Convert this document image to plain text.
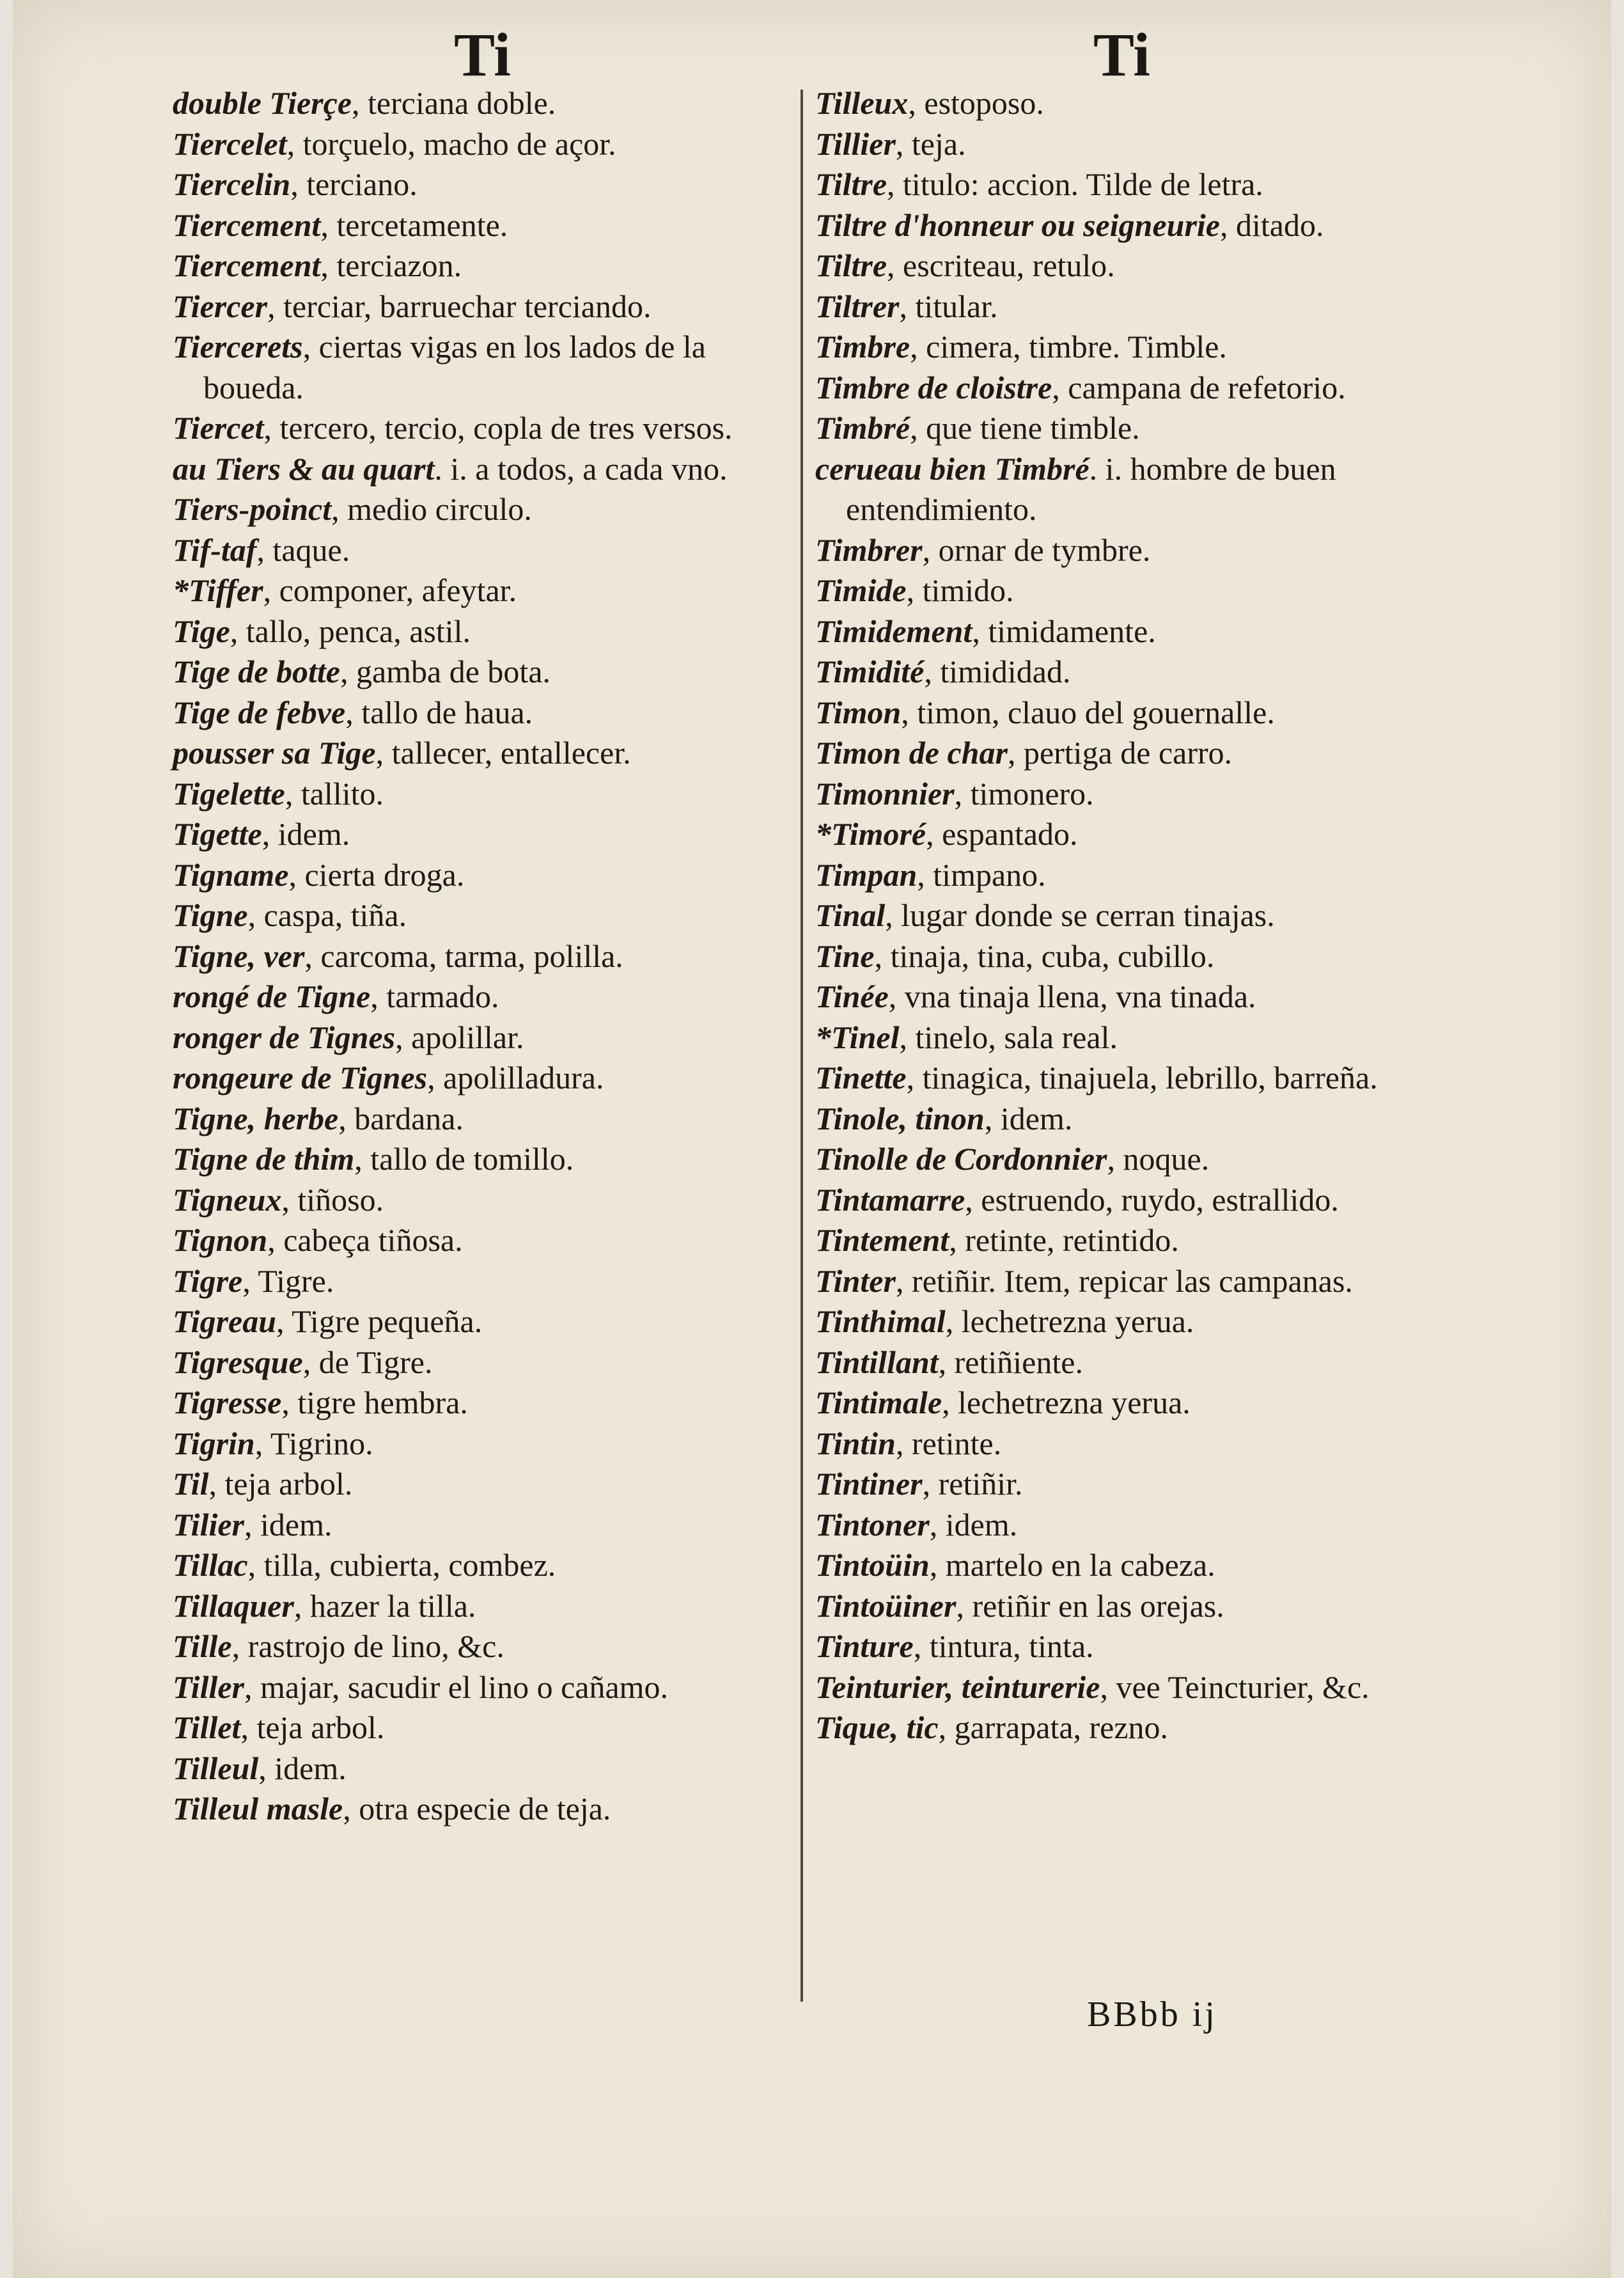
Ti	Ti
double Tierçe, terciana doble.
Tiercelet, torçuelo, macho de açor.
Tiercelin, terciano.
Tiercement, tercetamente.
Tiercement, terciazon.
Tiercer, terciar, barruechar terciando.
Tiercerets, ciertas vigas en los lados de la boueda.
Tiercet, tercero, tercio, copla de tres versos.
au Tiers & au quart. i. a todos, a cada vno.
Tiers-poinct, medio circulo.
Tif-taf, taque.
*Tiffer, componer, afeytar.
Tige, tallo, penca, astil.
Tige de botte, gamba de bota.
Tige de febve, tallo de haua.
pousser sa Tige, tallecer, entallecer.
Tigelette, tallito.
Tigette, idem.
Tigname, cierta droga.
Tigne, caspa, tiña.
Tigne, ver, carcoma, tarma, polilla.
rongé de Tigne, tarmado.
ronger de Tignes, apolillar.
rongeure de Tignes, apolilladura.
Tigne, herbe, bardana.
Tigne de thim, tallo de tomillo.
Tigneux, tiñoso.
Tignon, cabeça tiñosa.
Tigre, Tigre.
Tigreau, Tigre pequeña.
Tigresque, de Tigre.
Tigresse, tigre hembra.
Tigrin, Tigrino.
Til, teja arbol.
Tilier, idem.
Tillac, tilla, cubierta, combez.
Tillaquer, hazer la tilla.
Tille, rastrojo de lino, &c.
Tiller, majar, sacudir el lino o cañamo.
Tillet, teja arbol.
Tilleul, idem.
Tilleul masle, otra especie de teja.
Tilleux, estoposo.
Tillier, teja.
Tiltre, titulo: accion. Tilde de letra.
Tiltre d'honneur ou seigneurie, ditado.
Tiltre, escriteau, retulo.
Tiltrer, titular.
Timbre, cimera, timbre. Timble.
Timbre de cloistre, campana de refetorio.
Timbré, que tiene timble.
cerueau bien Timbré. i. hombre de buen entendimiento.
Timbrer, ornar de tymbre.
Timide, timido.
Timidement, timidamente.
Timidité, timididad.
Timon, timon, clauo del gouernalle.
Timon de char, pertiga de carro.
Timonnier, timonero.
*Timoré, espantado.
Timpan, timpano.
Tinal, lugar donde se cerran tinajas.
Tine, tinaja, tina, cuba, cubillo.
Tinée, vna tinaja llena, vna tinada.
*Tinel, tinelo, sala real.
Tinette, tinagica, tinajuela, lebrillo, barreña.
Tinole, tinon, idem.
Tinolle de Cordonnier, noque.
Tintamarre, estruendo, ruydo, estrallido.
Tintement, retinte, retintido.
Tinter, retiñir. Item, repicar las campanas.
Tinthimal, lechetrezna yerua.
Tintillant, retiñiente.
Tintimale, lechetrezna yerua.
Tintin, retinte.
Tintiner, retiñir.
Tintoner, idem.
Tintoüin, martelo en la cabeza.
Tintoüiner, retiñir en las orejas.
Tinture, tintura, tinta.
Teinturier, teinturerie, vee Teincturier, &c.
Tique, tic, garrapata, rezno.
BBbb ij
